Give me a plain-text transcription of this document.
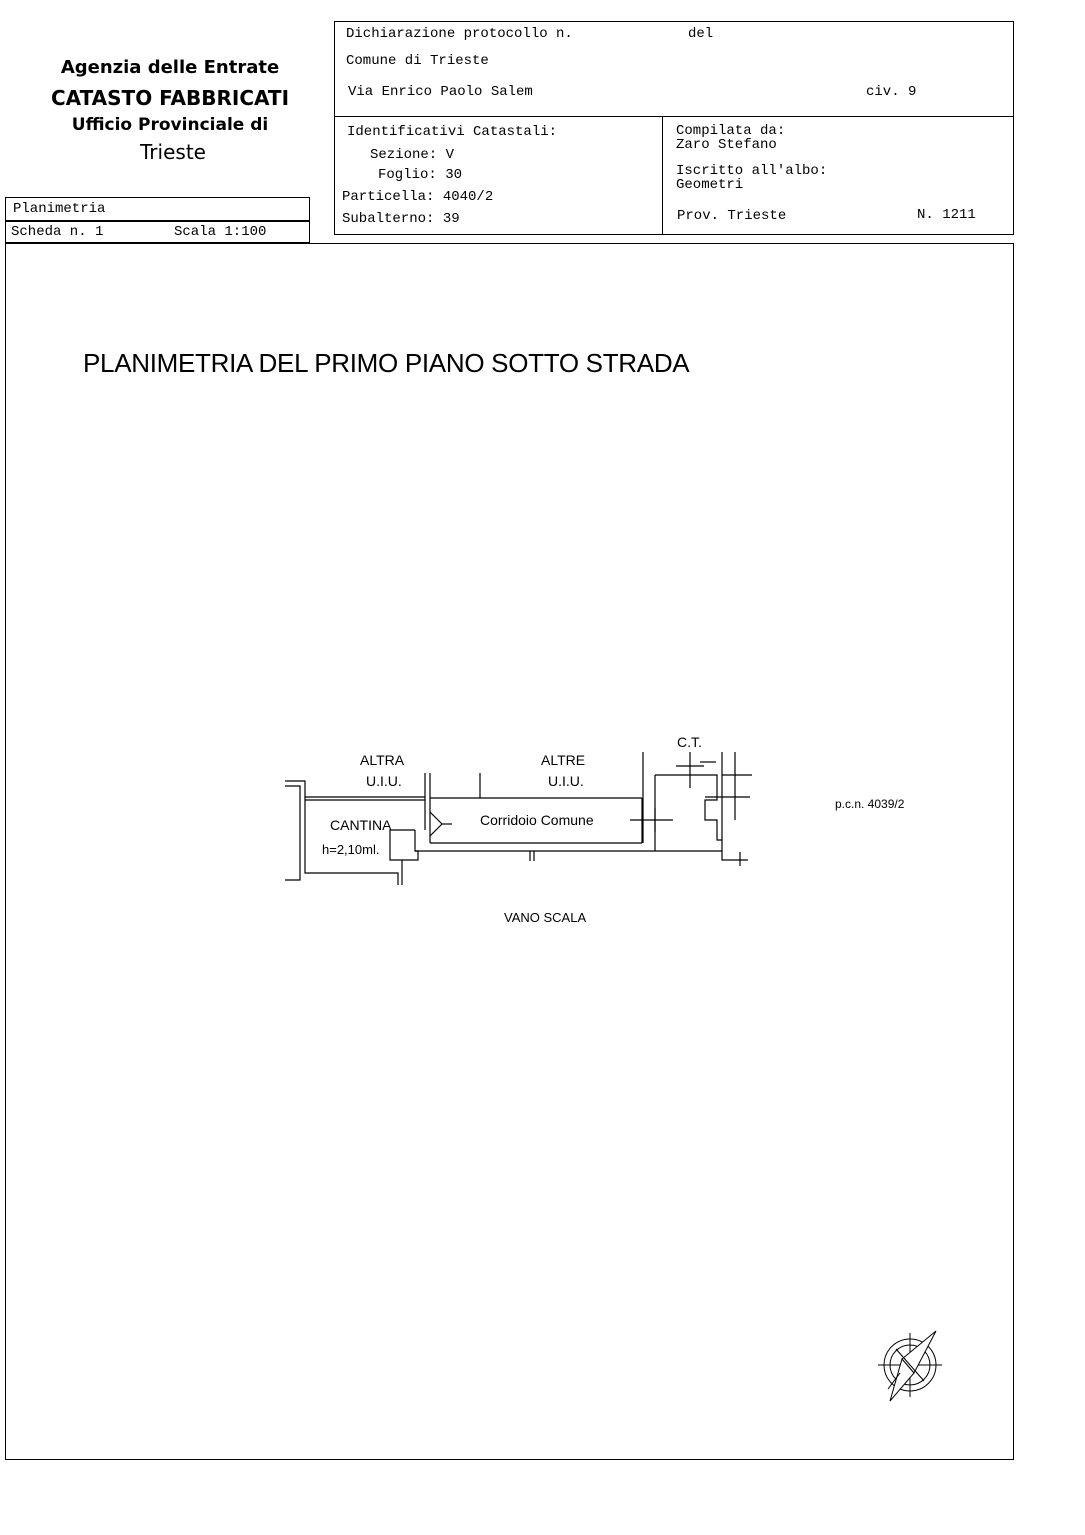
Agenzia delle Entrate
CATASTO FABBRICATI
Ufficio Provinciale di
Trieste
Planimetria
Scheda n. 1	Scala 1:100
Dichiarazione protocollo n.	del
Comune di Trieste
Via Enrico Paolo Salem	civ. 9
Identificativi Catastali:
Sezione: V
Foglio: 30
Particella: 4040/2
Subalterno: 39
Compilata da:
Zaro Stefano
Iscritto all'albo:
Geometri
Prov. Trieste	N. 1211
PLANIMETRIA DEL PRIMO PIANO SOTTO STRADA
ALTRA
U.I.U.
ALTRE
U.I.U.
C.T.
p.c.n. 4039/2
CANTINA
h=2,10ml.
Corridoio Comune
VANO SCALA
